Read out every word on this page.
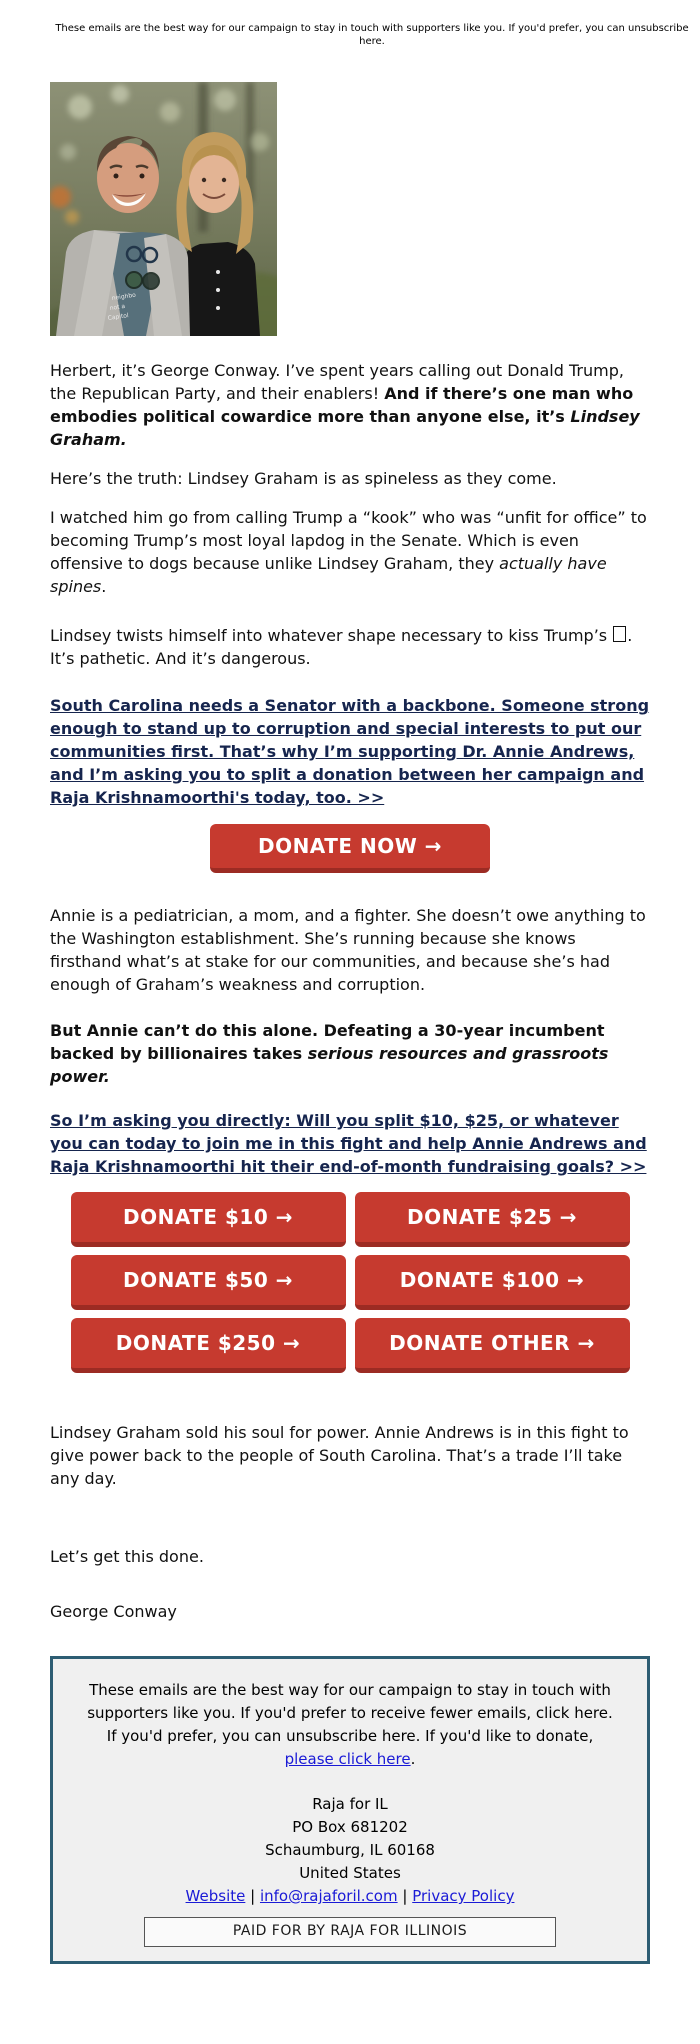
These emails are the best way for our campaign to stay in touch with supporters like you. If you'd prefer, you can unsubscribe here.
neighbo
not a
Capitol

Herbert, it’s George Conway. I’ve spent years calling out Donald Trump, the Republican Party, and their enablers! And if there’s one man who embodies political cowardice more than anyone else, it’s Lindsey Graham.

Here’s the truth: Lindsey Graham is as spineless as they come.

I watched him go from calling Trump a “kook” who was “unfit for office” to becoming Trump’s most loyal lapdog in the Senate. Which is even offensive to dogs because unlike Lindsey Graham, they actually have spines.

Lindsey twists himself into whatever shape necessary to kiss Trump’s . It’s pathetic. And it’s dangerous.

South Carolina needs a Senator with a backbone. Someone strong enough to stand up to corruption and special interests to put our communities first. That’s why I’m supporting Dr. Annie Andrews, and I’m asking you to split a donation between her campaign and Raja Krishnamoorthi's today, too. >>
DONATE NOW →

Annie is a pediatrician, a mom, and a fighter. She doesn’t owe anything to the Washington establishment. She’s running because she knows firsthand what’s at stake for our communities, and because she’s had enough of Graham’s weakness and corruption.

But Annie can’t do this alone. Defeating a 30-year incumbent backed by billionaires takes serious resources and grassroots power.

So I’m asking you directly: Will you split $10, $25, or whatever you can today to join me in this fight and help Annie Andrews and Raja Krishnamoorthi hit their end-of-month fundraising goals? >>
DONATE $10 →	DONATE $25 →
DONATE $50 →	DONATE $100 →
DONATE $250 →	DONATE OTHER →

Lindsey Graham sold his soul for power. Annie Andrews is in this fight to give power back to the people of South Carolina. That’s a trade I’ll take any day.

Let’s get this done.

George Conway

These emails are the best way for our campaign to stay in touch with supporters like you. If you'd prefer to receive fewer emails, click here. If you'd prefer, you can unsubscribe here. If you'd like to donate, please click here.
Raja for IL
PO Box 681202
Schaumburg, IL 60168
United States
Website | info@rajaforil.com | Privacy Policy
PAID FOR BY RAJA FOR ILLINOIS
